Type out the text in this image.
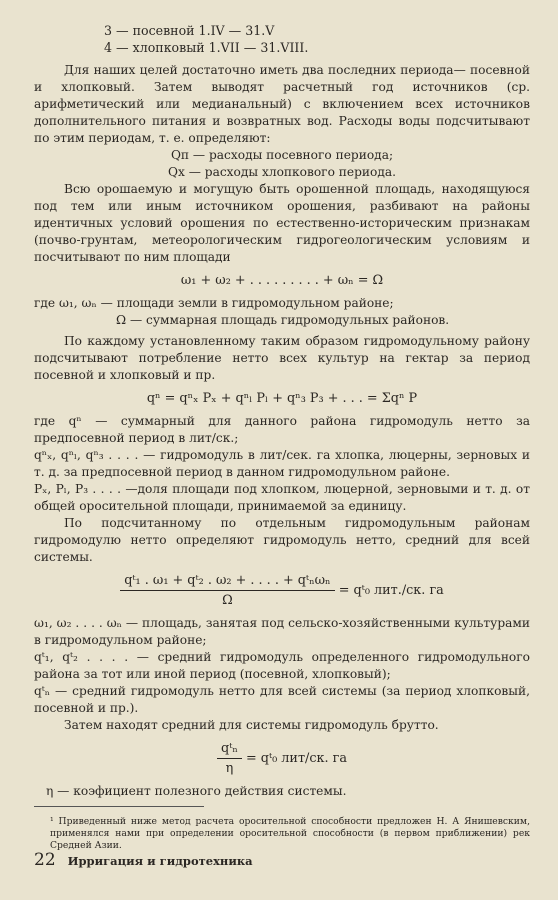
3 — посевной 1.IV — 31.V
4 — хлопковый 1.VII — 31.VIII.

Для наших целей достаточно иметь два последних периода— посевной и хлопковый. Затем выводят расчетный год источников (ср. арифметический или медианальный) с включением всех источников дополнительного питания и возвратных вод. Расходы воды подсчитывают по этим периодам, т. е. определяют:

Qп — расходы посевного периода;
Qх — расходы хлопкового периода.

Всю орошаемую и могущую быть орошенной площадь, находящуюся под тем или иным источником орошения, разбивают на районы идентичных условий орошения по естественно-историческим признакам (почво-грунтам, метеорологическим гидрогеологическим условиям и посчитывают по ним площади

ω₁ + ω₂ + . . . . . . . . . + ωₙ = Ω

где ω₁, ωₙ — площади земли в гидромодульном районе;

Ω — суммарная площадь гидромодульных районов.

По каждому установленному таким образом гидромодульному району подсчитывают потребление нетто всех культур на гектар за период посевной и хлопковый и пр.

qⁿ = qⁿₓ Pₓ + qⁿₗ Pₗ + qⁿ₃ P₃ + . . . = Σqⁿ P

где qⁿ — суммарный для данного района гидромодуль нетто за предпосевной период в лит/ск.;

qⁿₓ, qⁿₗ, qⁿ₃ . . . . — гидромодуль в лит/сек. га хлопка, люцерны, зерновых и т. д. за предпосевной период в данном гидромодульном районе.

Pₓ, Pₗ, P₃ . . . . —доля площади под хлопком, люцерной, зерновыми и т. д. от общей оросительной площади, принимаемой за единицу.

По подсчитанному по отдельным гидромодульным районам гидромодулю нетто определяют гидромодуль нетто, средний для всей системы.

$\frac{\text{qᵗ₁ . ω₁ + qᵗ₂ . ω₂ + . . . . + qᵗₙωₙ}}{\Omega}$ = qᵗ₀ лит./ск. га

ω₁, ω₂ . . . . ωₙ — площадь, занятая под сельско-хозяйственными культурами в гидромодульном районе;

qᵗ₁, qᵗ₂ . . . . — средний гидромодуль определенного гидромодульного района за тот или иной период (посевной, хлопковый);

qᵗₙ — средний гидромодуль нетто для всей системы (за период хлопковый, посевной и пр.).

Затем находят средний для системы гидромодуль брутто.

$\frac{\text{qᵗₙ}}{\eta}$ = qᵗ₀ лит/ск. га

η — коэфициент полезного действия системы.

¹ Приведенный ниже метод расчета оросительной способности предложен Н. А Янишевским, применялся нами при определении оросительной способности (в первом приближении) рек Средней Азии.

22 Ирригация и гидротехника
